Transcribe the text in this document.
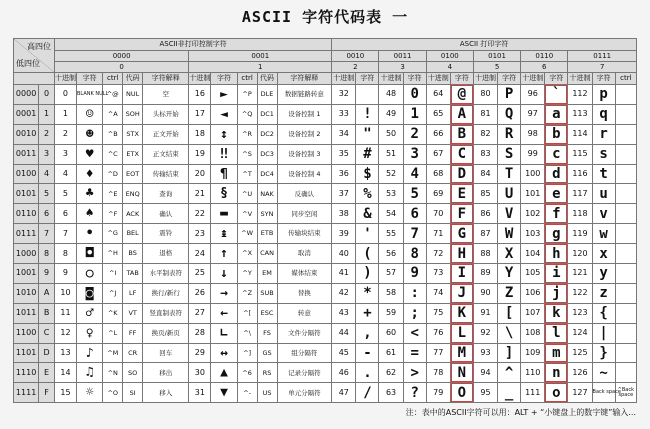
ASCII 字符代码表 一
高四位
低四位		ASCII非打印控制字符										ASCII 打印字符												
		0000					0001					0010		0011		0100		0101		0110		0111		
		0					1					2		3		4		5		6		7		
		十进制	字符	ctrl	代码	字符解释	十进制	字符	ctrl	代码	字符解释	十进制	字符	十进制	字符	十进制	字符	十进制	字符	十进制	字符	十进制	字符	ctrl
0000	0	0	BLANK NULL	^@	NUL	空	16	►	^P	DLE	数据链路转意	32		48	0	64	@	80	P	96	`	112	p	
0001	1	1	☺	^A	SOH	头标开始	17	◄	^Q	DC1	设备控制 1	33	!	49	1	65	A	81	Q	97	a	113	q	
0010	2	2	☻	^B	STX	正文开始	18	↕	^R	DC2	设备控制 2	34	"	50	2	66	B	82	R	98	b	114	r	
0011	3	3	♥	^C	ETX	正文结束	19	‼	^S	DC3	设备控制 3	35	#	51	3	67	C	83	S	99	c	115	s	
0100	4	4	♦	^D	EOT	传输结束	20	¶	^T	DC4	设备控制 4	36	$	52	4	68	D	84	T	100	d	116	t	
0101	5	5	♣	^E	ENQ	查询	21	§	^U	NAK	反确认	37	%	53	5	69	E	85	U	101	e	117	u	
0110	6	6	♠	^F	ACK	确认	22	▬	^V	SYN	同步空闲	38	&	54	6	70	F	86	V	102	f	118	v	
0111	7	7	•	^G	BEL	震铃	23	↨	^W	ETB	传输块结束	39	'	55	7	71	G	87	W	103	g	119	w	
1000	8	8	◘	^H	BS	退格	24	↑	^X	CAN	取消	40	(	56	8	72	H	88	X	104	h	120	x	
1001	9	9	○	^I	TAB	水平制表符	25	↓	^Y	EM	媒体结束	41	)	57	9	73	I	89	Y	105	i	121	y	
1010	A	10	◙	^J	LF	换行/新行	26	→	^Z	SUB	替换	42	*	58	:	74	J	90	Z	106	j	122	z	
1011	B	11	♂	^K	VT	竖直制表符	27	←	^[	ESC	转意	43	+	59	;	75	K	91	[	107	k	123	{	
1100	C	12	♀	^L	FF	换页/新页	28	∟	^\	FS	文件分隔符	44	,	60	<	76	L	92	\	108	l	124	|	
1101	D	13	♪	^M	CR	回车	29	↔	^]	GS	组分隔符	45	-	61	=	77	M	93	]	109	m	125	}	
1110	E	14	♫	^N	SO	移出	30	▲	^6	RS	记录分隔符	46	.	62	>	78	N	94	^	110	n	126	~	
1111	F	15	☼	^O	SI	移入	31	▼	^-	US	单元分隔符	47	/	63	?	79	O	95	_	111	o	127	Back space	^Back space
注：表中的ASCII字符可以用：ALT + “小键盘上的数字键”输入...
